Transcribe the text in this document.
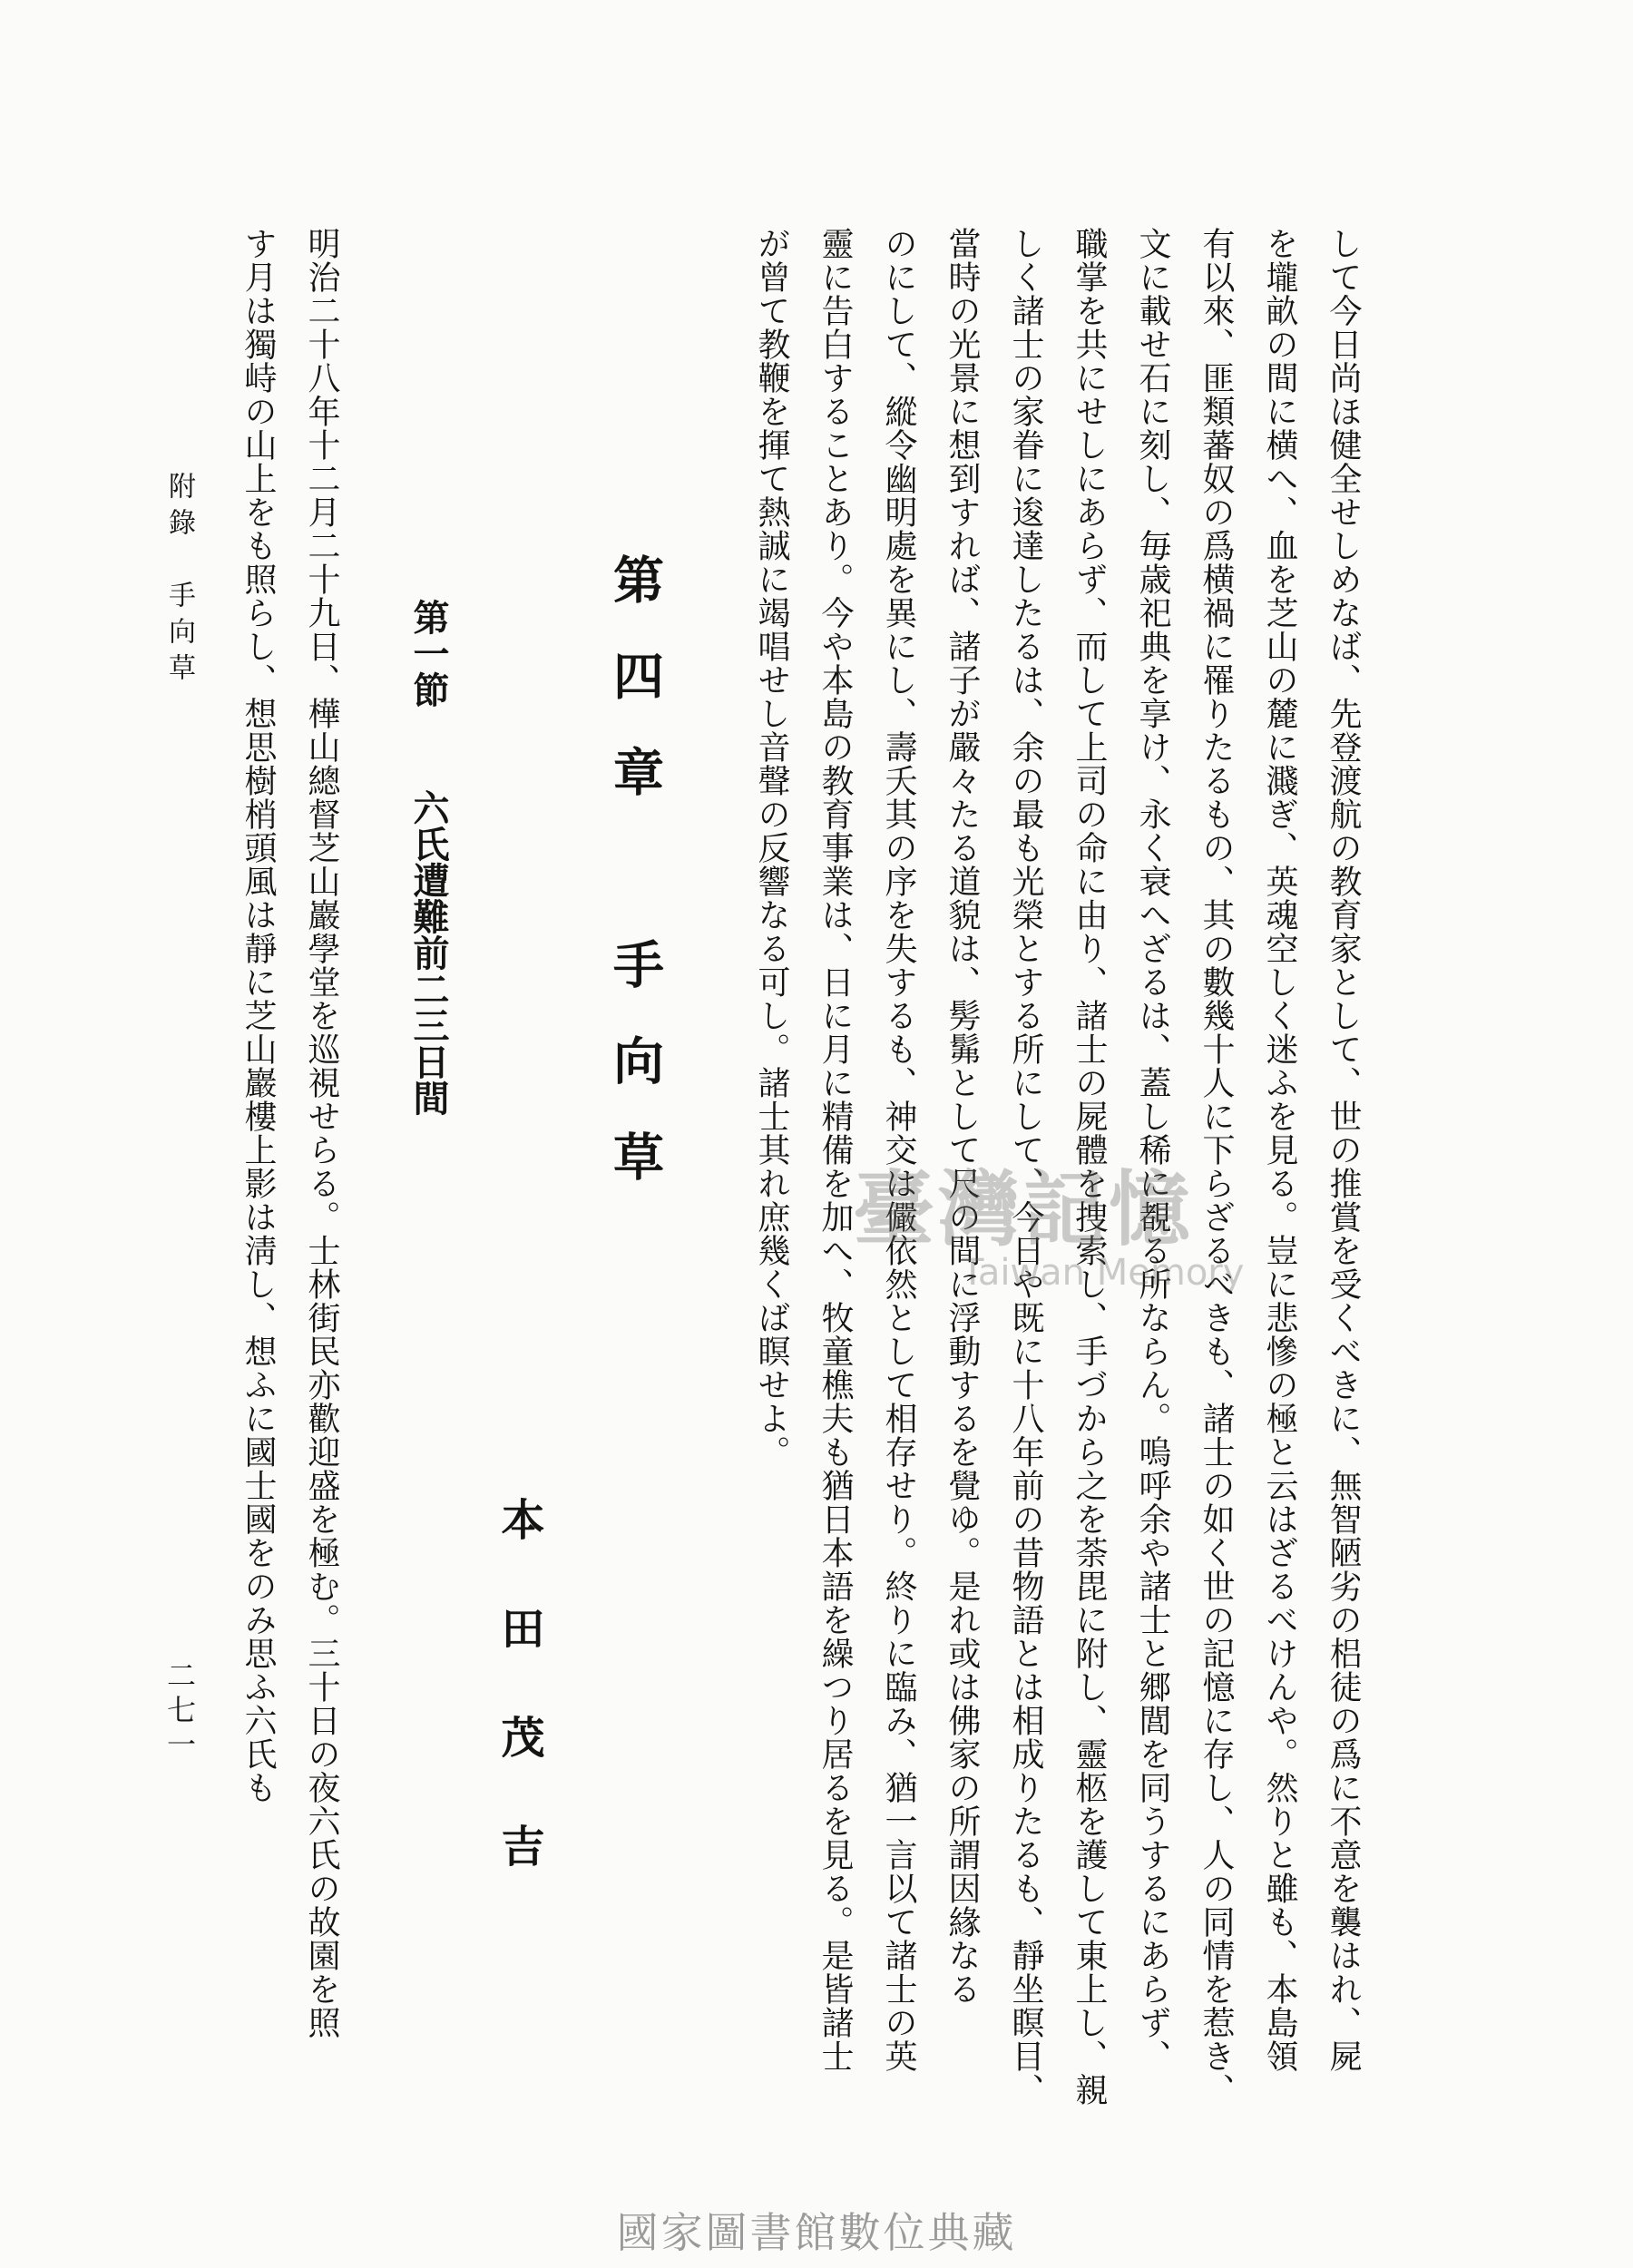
して今日尚ほ健全せしめなば、先登渡航の教育家として、世の推賞を受くべきに、無智陋劣の梠徒の爲に不意を襲はれ、屍
を壠畝の間に横へ、血を芝山の麓に濺ぎ、英魂空しく迷ふを見る。豈に悲慘の極と云はざるべけんや。然りと雖も、本島領
有以來、匪類蕃奴の爲横禍に罹りたるもの、其の數幾十人に下らざるべきも、諸士の如く世の記憶に存し、人の同情を惹き、
文に載せ石に刻し、毎歳祀典を享け、永く衰へざるは、蓋し稀に覩る所ならん。嗚呼余や諸士と郷閭を同うするにあらず、
職掌を共にせしにあらず、而して上司の命に由り、諸士の屍體を捜索し、手づから之を荼毘に附し、靈柩を護して東上し、親
しく諸士の家眷に逡達したるは、余の最も光榮とする所にして、今日や既に十八年前の昔物語とは相成りたるも、靜坐瞑目、
當時の光景に想到すれば、諸子が嚴々たる道貌は、髣髴として尺の間に浮動するを覺ゆ。是れ或は佛家の所謂因緣なる
のにして、縱令幽明處を異にし、壽夭其の序を失するも、神交は儼依然として相存せり。終りに臨み、猶一言以て諸士の英
靈に告白することあり。今や本島の教育事業は、日に月に精備を加へ、牧童樵夫も猶日本語を繰つり居るを見る。是皆諸士
が曾て教鞭を揮て熱誠に竭唱せし音聲の反響なる可し。諸士其れ庶幾くば瞑せよ。
第四章　手向草
本田茂吉
第一節六氏遭難前二三日間
明治二十八年十二月二十九日、樺山總督芝山巖學堂を巡視せらる。士林街民亦歡迎盛を極む。三十日の夜六氏の故園を照
す月は獨峙の山上をも照らし、想思樹梢頭風は靜に芝山巖樓上影は淸し、想ふに國士國をのみ思ふ六氏も
附錄　手向草
二七一
臺灣記憶
Taiwan Memory
國家圖書館數位典藏
